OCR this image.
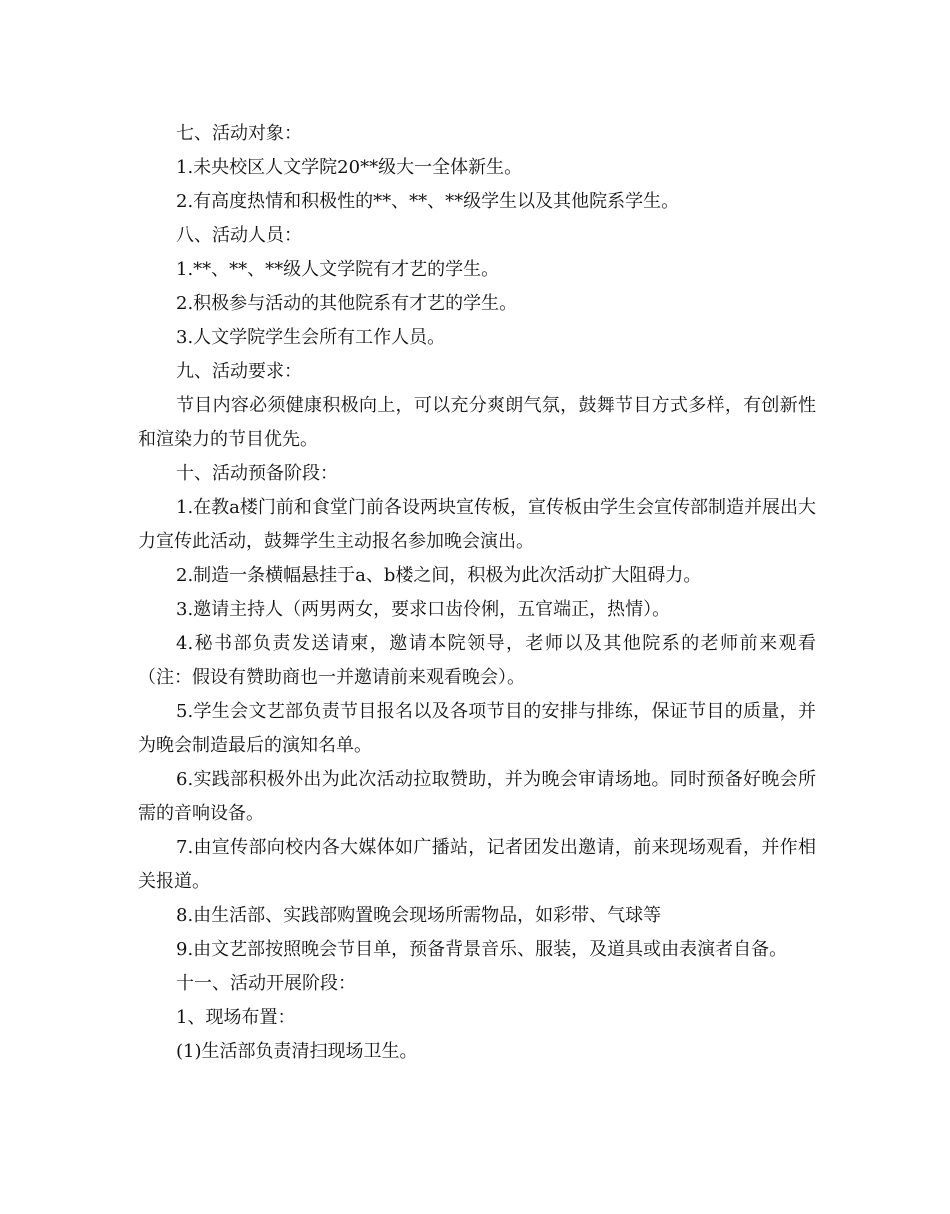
七、活动对象：

1.未央校区人文学院20**级大一全体新生。

2.有高度热情和积极性的**、**、**级学生以及其他院系学生。

八、活动人员：

1.**、**、**级人文学院有才艺的学生。

2.积极参与活动的其他院系有才艺的学生。

3.人文学院学生会所有工作人员。

九、活动要求：

节目内容必须健康积极向上，可以充分爽朗气氛，鼓舞节目方式多样，有创新性和渲染力的节目优先。

十、活动预备阶段：

1.在教a楼门前和食堂门前各设两块宣传板，宣传板由学生会宣传部制造并展出大力宣传此活动，鼓舞学生主动报名参加晚会演出。

2.制造一条横幅悬挂于a、b楼之间，积极为此次活动扩大阻碍力。

3.邀请主持人（两男两女，要求口齿伶俐，五官端正，热情）。

4.秘书部负责发送请柬，邀请本院领导，老师以及其他院系的老师前来观看（注：假设有赞助商也一并邀请前来观看晚会）。

5.学生会文艺部负责节目报名以及各项节目的安排与排练，保证节目的质量，并为晚会制造最后的演知名单。

6.实践部积极外出为此次活动拉取赞助，并为晚会审请场地。同时预备好晚会所需的音响设备。

7.由宣传部向校内各大媒体如广播站，记者团发出邀请，前来现场观看，并作相关报道。

8.由生活部、实践部购置晚会现场所需物品，如彩带、气球等

9.由文艺部按照晚会节目单，预备背景音乐、服装，及道具或由表演者自备。

十一、活动开展阶段：

1、现场布置：

(1)生活部负责清扫现场卫生。
